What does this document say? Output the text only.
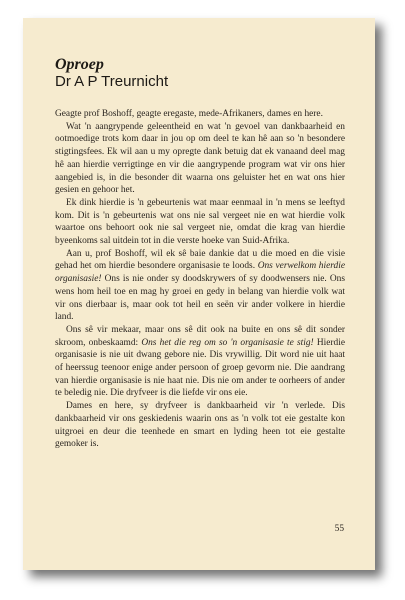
Oproep
Dr A P Treurnicht

Geagte prof Boshoff, geagte eregaste, mede-Afrikaners, dames en here.

Wat 'n aangrypende geleentheid en wat 'n gevoel van dankbaarheid en ootmoedige trots kom daar in jou op om deel te kan hê aan so 'n besondere stigtingsfees. Ek wil aan u my opregte dank betuig dat ek vanaand deel mag hê aan hierdie verrigtinge en vir die aangrypende program wat vir ons hier aangebied is, in die besonder dit waarna ons geluister het en wat ons hier gesien en gehoor het.

Ek dink hierdie is 'n gebeurtenis wat maar eenmaal in 'n mens se leeftyd kom. Dit is 'n gebeurtenis wat ons nie sal vergeet nie en wat hierdie volk waartoe ons behoort ook nie sal vergeet nie, omdat die krag van hierdie byeenkoms sal uitdein tot in die verste hoeke van Suid-Afrika.

Aan u, prof Boshoff, wil ek sê baie dankie dat u die moed en die visie gehad het om hierdie besondere organisasie te loods. Ons verwelkom hierdie organisasie! Ons is nie onder sy doodskrywers of sy doodwensers nie. Ons wens hom heil toe en mag hy groei en gedy in belang van hierdie volk wat vir ons dierbaar is, maar ook tot heil en seën vir ander volkere in hierdie land.

Ons sê vir mekaar, maar ons sê dit ook na buite en ons sê dit sonder skroom, onbeskaamd: Ons het die reg om so 'n organisasie te stig! Hierdie organisasie is nie uit dwang gebore nie. Dis vrywillig. Dit word nie uit haat of heerssug teenoor enige ander persoon of groep gevorm nie. Die aandrang van hierdie organisasie is nie haat nie. Dis nie om ander te oorheers of ander te beledig nie. Die dryfveer is die liefde vir ons eie.

Dames en here, sy dryfveer is dankbaarheid vir 'n verlede. Dis dankbaarheid vir ons geskiedenis waarin ons as 'n volk tot eie gestalte kon uitgroei en deur die teenhede en smart en lyding heen tot eie gestalte gemoker is.

55
